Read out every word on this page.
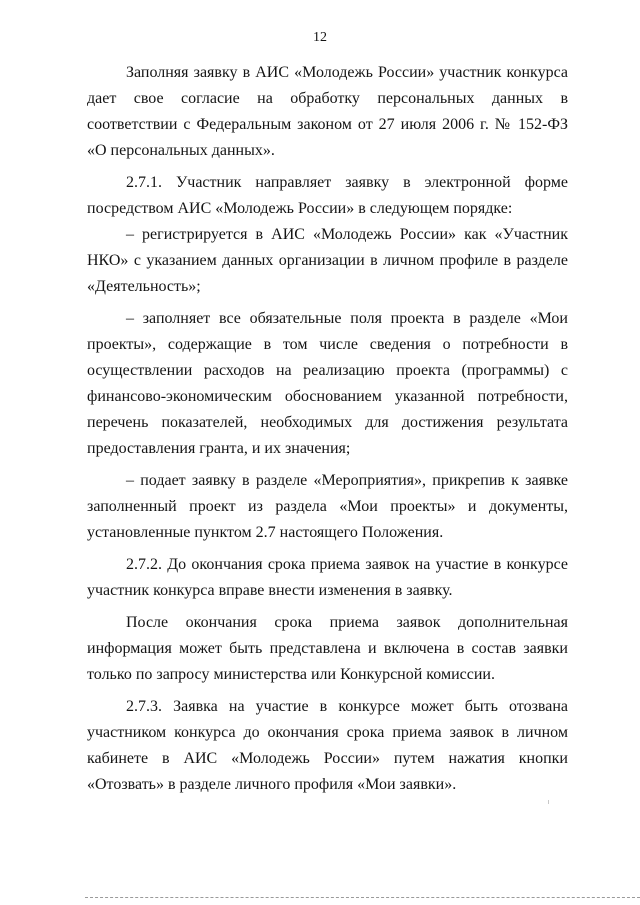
12

Заполняя заявку в АИС «Молодежь России» участник конкурса дает свое согласие на обработку персональных данных в соответствии с Федеральным законом от 27 июля 2006 г. № 152-ФЗ «О персональных данных».

2.7.1. Участник направляет заявку в электронной форме посредством АИС «Молодежь России» в следующем порядке:

– регистрируется в АИС «Молодежь России» как «Участник НКО» с указанием данных организации в личном профиле в разделе «Деятельность»;

– заполняет все обязательные поля проекта в разделе «Мои проекты», содержащие в том числе сведения о потребности в осуществлении расходов на реализацию проекта (программы) с финансово-экономическим обоснованием указанной потребности, перечень показателей, необходимых для достижения результата предоставления гранта, и их значения;

– подает заявку в разделе «Мероприятия», прикрепив к заявке заполненный проект из раздела «Мои проекты» и документы, установленные пунктом 2.7 настоящего Положения.

2.7.2. До окончания срока приема заявок на участие в конкурсе участник конкурса вправе внести изменения в заявку.

После окончания срока приема заявок дополнительная информация может быть представлена и включена в состав заявки только по запросу министерства или Конкурсной комиссии.

2.7.3. Заявка на участие в конкурсе может быть отозвана участником конкурса до окончания срока приема заявок в личном кабинете в АИС «Молодежь России» путем нажатия кнопки «Отозвать» в разделе личного профиля «Мои заявки».
